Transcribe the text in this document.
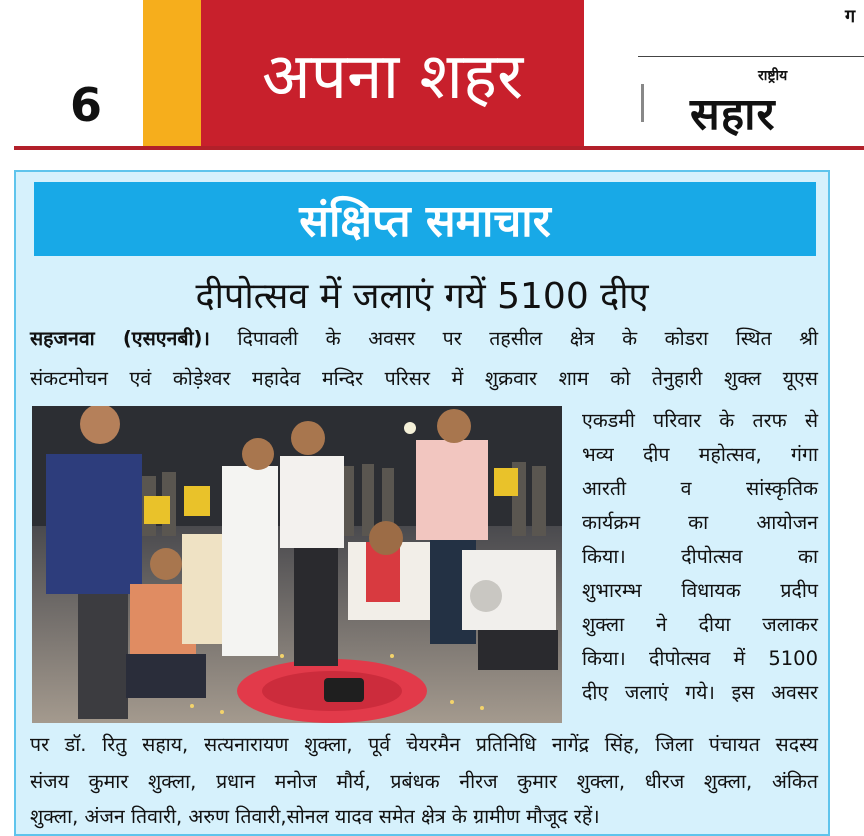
6	अपना शहर
ग
राष्ट्रीय
सहार
संक्षिप्त समाचार
दीपोत्सव में जलाएं गयें 5100 दीए
सहजनवा (एसएनबी)। दिपावली के अवसर पर तहसील क्षेत्र के कोडरा स्थित श्री
संकटमोचन एवं कोड़ेश्वर महादेव मन्दिर परिसर में शुक्रवार शाम को तेनुहारी शुक्ल यूएस
एकडमी परिवार के तरफ से
भव्य दीप महोत्सव, गंगा
आरती व सांस्कृतिक
कार्यक्रम का आयोजन
किया। दीपोत्सव का
शुभारम्भ विधायक प्रदीप
शुक्ला ने दीया जलाकर
किया। दीपोत्सव में 5100
दीए जलाएं गये। इस अवसर
पर डॉ. रितु सहाय, सत्यनारायण शुक्ला, पूर्व चेयरमैन प्रतिनिधि नागेंद्र सिंह, जिला पंचायत सदस्य
संजय कुमार शुक्ला, प्रधान मनोज मौर्य, प्रबंधक नीरज कुमार शुक्ला, धीरज शुक्ला, अंकित
शुक्ला, अंजन तिवारी, अरुण तिवारी,सोनल यादव समेत क्षेत्र के ग्रामीण मौजूद रहें।
